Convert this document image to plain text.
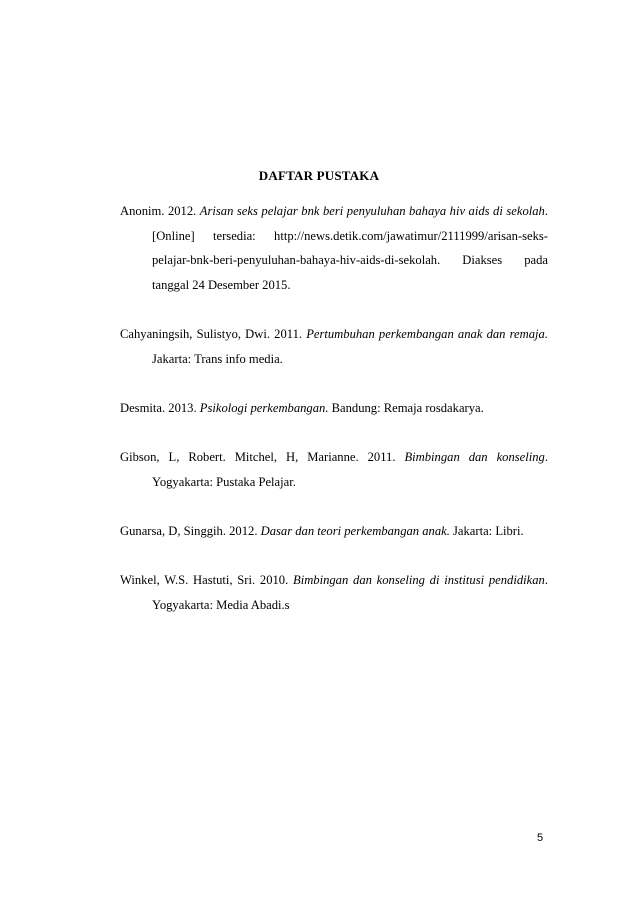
DAFTAR PUSTAKA

Anonim. 2012. Arisan seks pelajar bnk beri penyuluhan bahaya hiv aids di sekolah. [Online] tersedia: http://news.detik.com/jawatimur/2111999/arisan-seks-pelajar-bnk-beri-penyuluhan-bahaya-hiv-aids-di-sekolah. Diakses pada tanggal 24 Desember 2015.

Cahyaningsih, Sulistyo, Dwi. 2011. Pertumbuhan perkembangan anak dan remaja. Jakarta: Trans info media.

Desmita. 2013. Psikologi perkembangan. Bandung: Remaja rosdakarya.

Gibson, L, Robert. Mitchel, H, Marianne. 2011. Bimbingan dan konseling. Yogyakarta: Pustaka Pelajar.

Gunarsa, D, Singgih. 2012. Dasar dan teori perkembangan anak. Jakarta: Libri.

Winkel, W.S. Hastuti, Sri. 2010. Bimbingan dan konseling di institusi pendidikan. Yogyakarta: Media Abadi.s

5
